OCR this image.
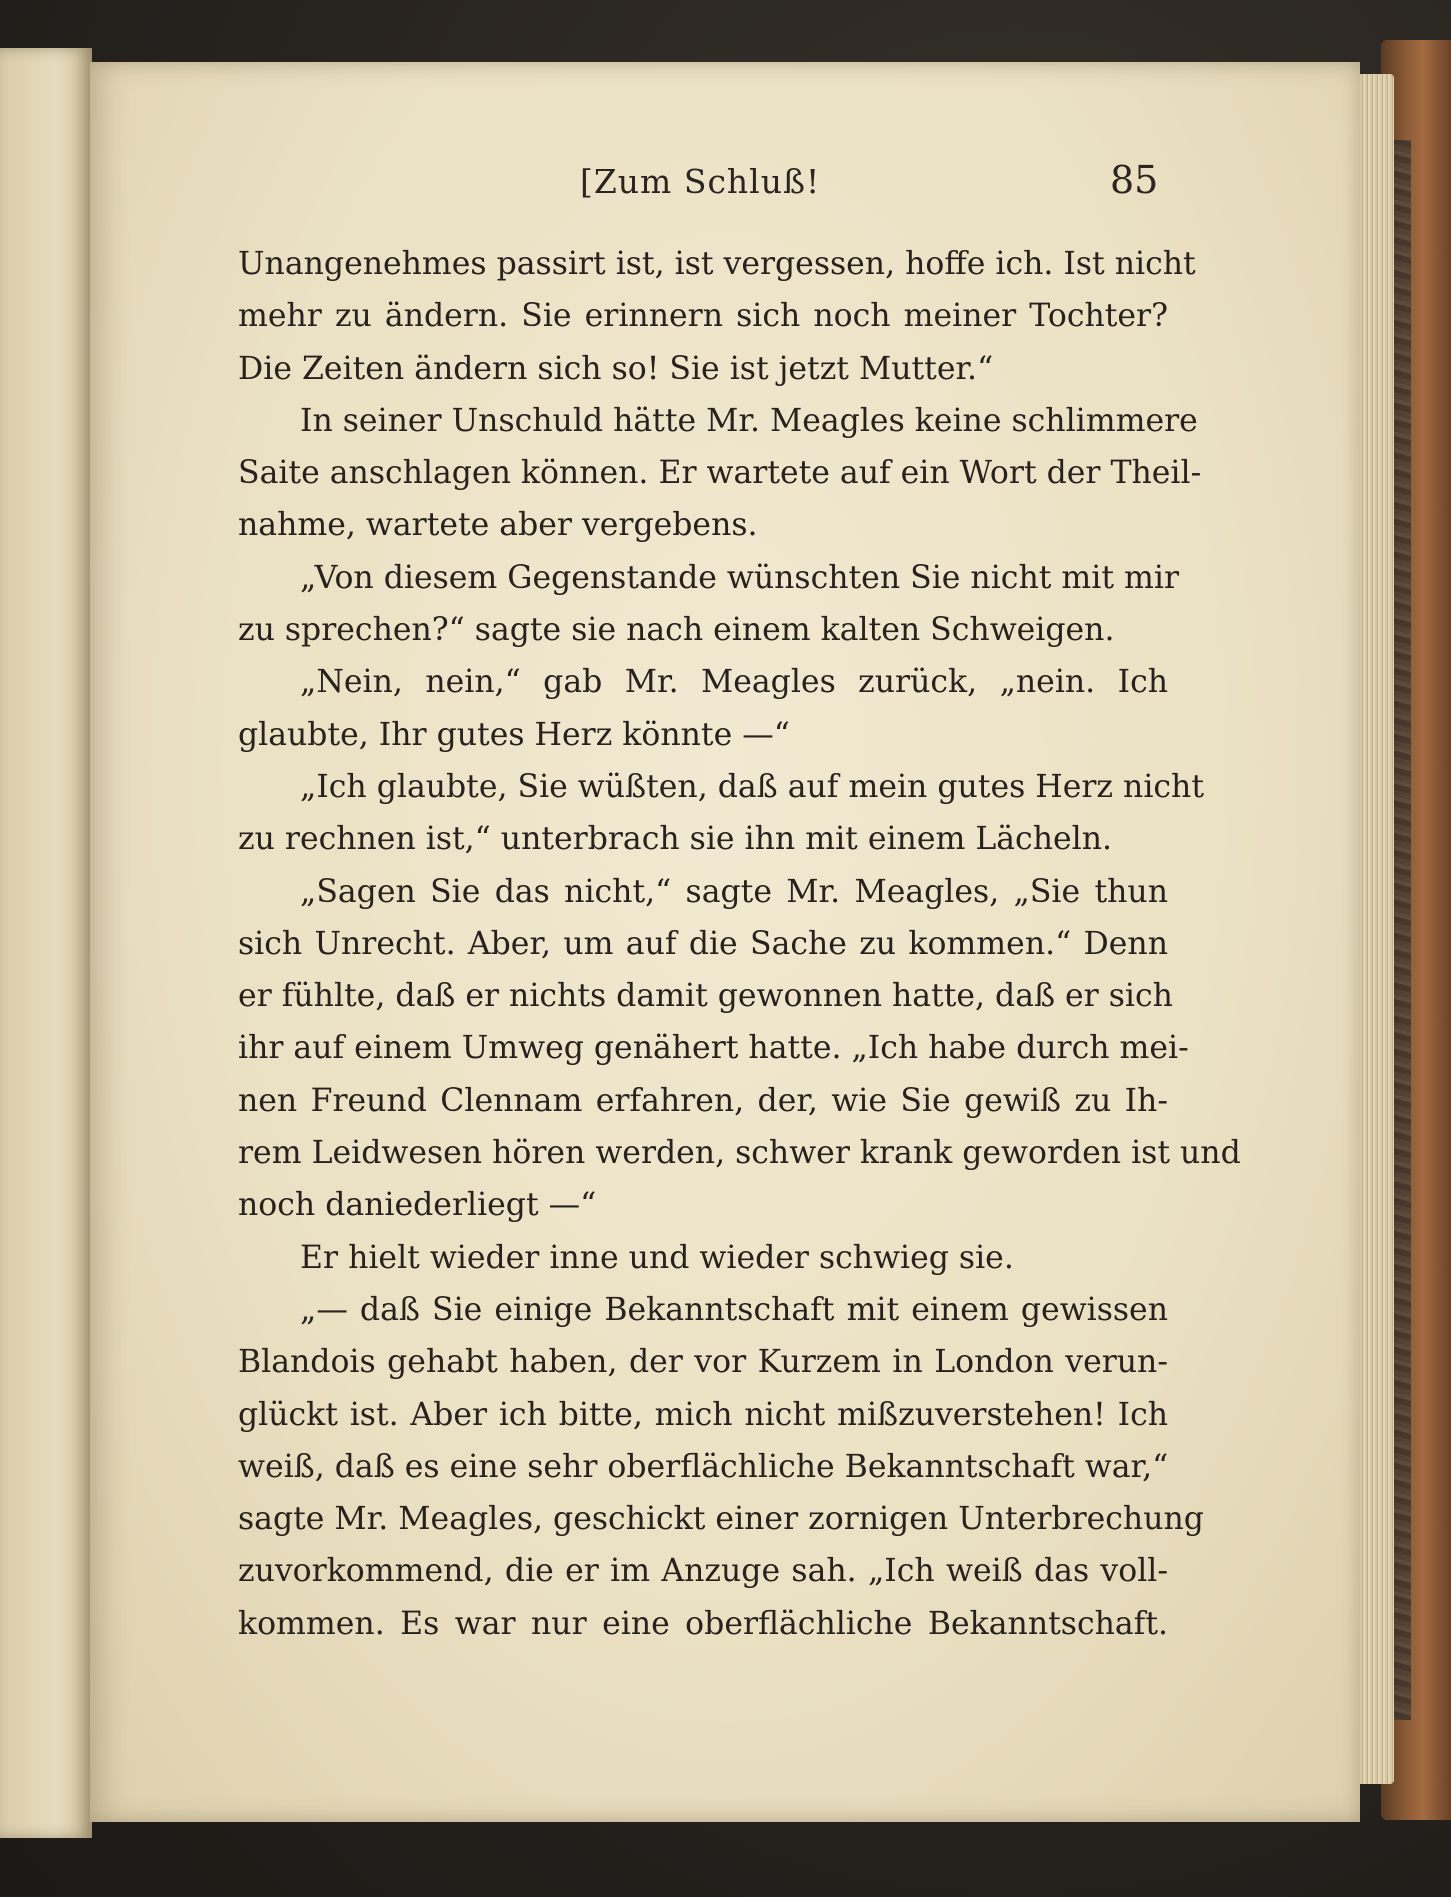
[Zum Schluß!	85
Unangenehmes passirt ist, ist vergessen, hoffe ich. Ist nicht
mehr zu ändern. Sie erinnern sich noch meiner Tochter?
Die Zeiten ändern sich so! Sie ist jetzt Mutter.“
In seiner Unschuld hätte Mr. Meagles keine schlimmere
Saite anschlagen können. Er wartete auf ein Wort der Theil-
nahme, wartete aber vergebens.
„Von diesem Gegenstande wünschten Sie nicht mit mir
zu sprechen?“ sagte sie nach einem kalten Schweigen.
„Nein, nein,“ gab Mr. Meagles zurück, „nein. Ich
glaubte, Ihr gutes Herz könnte —“
„Ich glaubte, Sie wüßten, daß auf mein gutes Herz nicht
zu rechnen ist,“ unterbrach sie ihn mit einem Lächeln.
„Sagen Sie das nicht,“ sagte Mr. Meagles, „Sie thun
sich Unrecht. Aber, um auf die Sache zu kommen.“ Denn
er fühlte, daß er nichts damit gewonnen hatte, daß er sich
ihr auf einem Umweg genähert hatte. „Ich habe durch mei-
nen Freund Clennam erfahren, der, wie Sie gewiß zu Ih-
rem Leidwesen hören werden, schwer krank geworden ist und
noch daniederliegt —“
Er hielt wieder inne und wieder schwieg sie.
„— daß Sie einige Bekanntschaft mit einem gewissen
Blandois gehabt haben, der vor Kurzem in London verun-
glückt ist. Aber ich bitte, mich nicht mißzuverstehen! Ich
weiß, daß es eine sehr oberflächliche Bekanntschaft war,“
sagte Mr. Meagles, geschickt einer zornigen Unterbrechung
zuvorkommend, die er im Anzuge sah. „Ich weiß das voll-
kommen. Es war nur eine oberflächliche Bekanntschaft.
